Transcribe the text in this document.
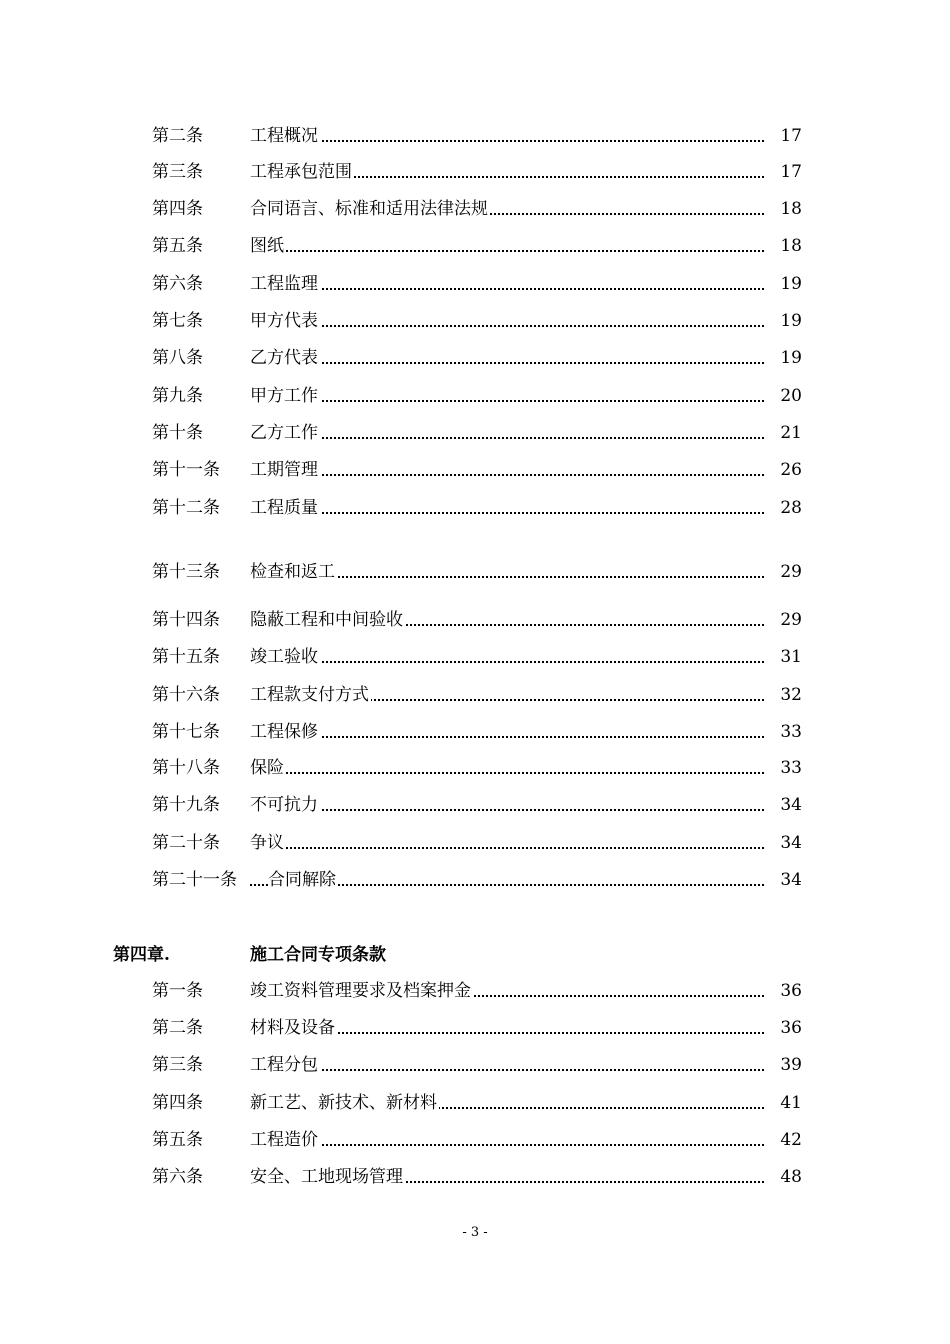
第二条	工程概况	17
第三条	工程承包范围	17
第四条	合同语言、标准和适用法律法规	18
第五条	图纸	18
第六条	工程监理	19
第七条	甲方代表	19
第八条	乙方代表	19
第九条	甲方工作	20
第十条	乙方工作	21
第十一条 工期管理	26
第十二条 工程质量	28
第十三条 检查和返工	29
第十四条 隐蔽工程和中间验收	29
第十五条 竣工验收	31
第十六条 工程款支付方式	32
第十七条 工程保修	33
第十八条 保险	33
第十九条 不可抗力	34
第二十条 争议	34
第二十一条 合同解除	34
第四章.	施工合同专项条款
第一条	竣工资料管理要求及档案押金	36
第二条	材料及设备	36
第三条	工程分包	39
第四条	新工艺、新技术、新材料	41
第五条	工程造价	42
第六条	安全、工地现场管理	48
- 3 -
